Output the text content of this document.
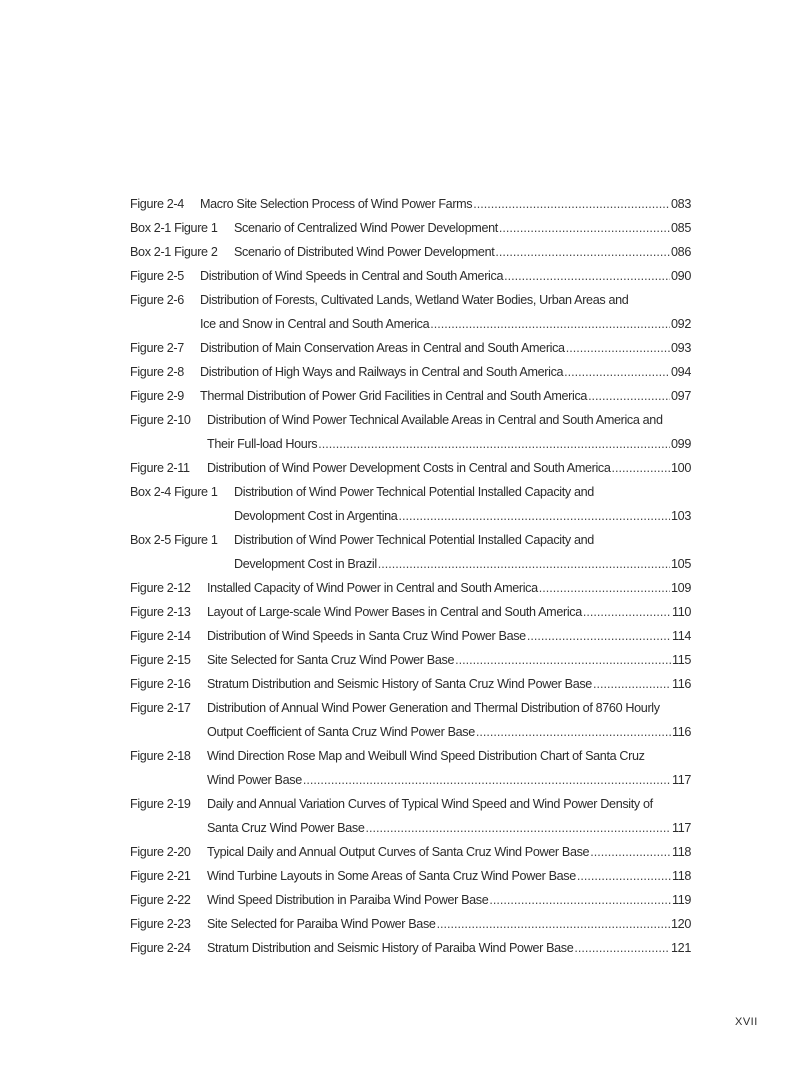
Figure 2-4	Macro Site Selection Process of Wind Power Farms .....	083
Box 2-1 Figure 1	Scenario of Centralized Wind Power Development .....	085
Box 2-1 Figure 2	Scenario of Distributed Wind Power Development .....	086
Figure 2-5	Distribution of Wind Speeds in Central and South America .....	090
Figure 2-6	Distribution of Forests, Cultivated Lands, Wetland Water Bodies, Urban Areas and
Ice and Snow in Central and South America .....	092
Figure 2-7	Distribution of Main Conservation Areas in Central and South America .....	093
Figure 2-8	Distribution of High Ways and Railways in Central and South America .....	094
Figure 2-9	Thermal Distribution of Power Grid Facilities in Central and South America .....	097
Figure 2-10	Distribution of Wind Power Technical Available Areas in Central and South America and
Their Full-load Hours .....	099
Figure 2-11	Distribution of Wind Power Development Costs in Central and South America .....	100
Box 2-4 Figure 1	Distribution of Wind Power Technical Potential Installed Capacity and
Devolopment Cost in Argentina .....	103
Box 2-5 Figure 1	Distribution of Wind Power Technical Potential Installed Capacity and
Development Cost in Brazil .....	105
Figure 2-12	Installed Capacity of Wind Power in Central and South America .....	109
Figure 2-13	Layout of Large-scale Wind Power Bases in Central and South America .....	110
Figure 2-14	Distribution of Wind Speeds in Santa Cruz Wind Power Base .....	114
Figure 2-15	Site Selected for Santa Cruz Wind Power Base .....	115
Figure 2-16	Stratum Distribution and Seismic History of Santa Cruz Wind Power Base .....	116
Figure 2-17	Distribution of Annual Wind Power Generation and Thermal Distribution of 8760 Hourly
Output Coefficient of Santa Cruz Wind Power Base .....	116
Figure 2-18	Wind Direction Rose Map and Weibull Wind Speed Distribution Chart of Santa Cruz
Wind Power Base .....	117
Figure 2-19	Daily and Annual Variation Curves of Typical Wind Speed and Wind Power Density of
Santa Cruz Wind Power Base .....	117
Figure 2-20	Typical Daily and Annual Output Curves of Santa Cruz Wind Power Base .....	118
Figure 2-21	Wind Turbine Layouts in Some Areas of Santa Cruz Wind Power Base .....	118
Figure 2-22	Wind Speed Distribution in Paraiba Wind Power Base .....	119
Figure 2-23	Site Selected for Paraiba Wind Power Base .....	120
Figure 2-24	Stratum Distribution and Seismic History of Paraiba Wind Power Base .....	121
XVII
